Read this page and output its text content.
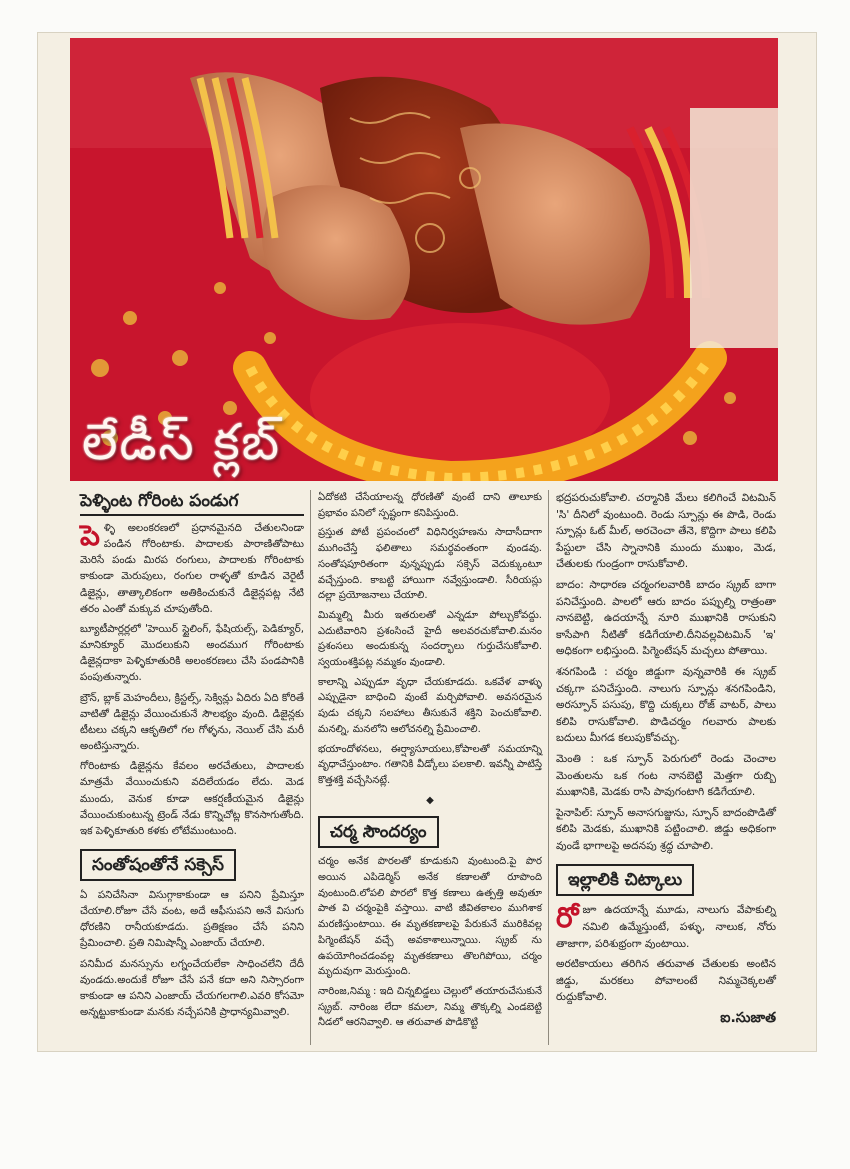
లేడీస్ క్లబ్
పెళ్ళింట గోరింట పండుగ

పెళ్ళి అలంకరణలో ప్రధానమైనది చేతులనిండా పండిన గోరింటాకు. పాదాలకు పారాణితోపాటు మెరిసే పండు మిరప రంగులు, పాదాలకు గోరింటాకు కాకుండా మెరుపులు, రంగుల రాళ్ళతో కూడిన వెరైటీ డిజైన్లు, తాత్కాలికంగా అతికించుకునే డిజైన్లపట్ల నేటి తరం ఎంతో మక్కువ చూపుతోంది.

బ్యూటీపార్లర్లలో 'హెయిర్ స్టైలింగ్, ఫేషియల్స్, పెడిక్యూర్, మానిక్యూర్ మొదలుకుని అందముగ గోరింటాకు డిజైన్లదాకా పెళ్ళికూతురికి అలంకరణలు చేసి పండపానికి పంపుతున్నారు.

బ్రౌన్, బ్లాక్ మెహందీలు, క్రిస్టల్స్, సెక్విన్లు ఏదిరు ఏది కోరితే వాటితో డిజైన్లు వేయించుకునే సౌలభ్యం వుంది. డిజైన్లకు టీటలు చక్కని ఆకృతిలో గల గోళ్ళను, నెయిల్ చేసి మరీ అంటిస్తున్నారు.

గోరింటాకు డిజైన్లను కేవలం అరచేతులు, పాదాలకు మాత్రమే వేయించుకుని వదిలేయడం లేదు. మెడ ముందు, వెనుక కూడా ఆకర్షణీయమైన డిజైన్లు వేయించుకుంటున్న ట్రెండ్ నేడు కొన్నిచోట్ల కొనసాగుతోంది. ఇక పెళ్ళికూతురి కళకు లోటేముంటుంది.

సంతోషంతోనే సక్సెస్

ఏ పనిచేసినా విసుగ్గాకాకుండా ఆ పనిని ప్రేమిస్తూ చేయాలి.రోజూ చేసే వంట, అదే ఆఫీసుపని అనే విసుగు ధోరణిని రానీయకూడదు. ప్రతిక్షణం చేసే పనిని ప్రేమించాలి. ప్రతి నిమిషాన్నీ ఎంజాయ్ చేయాలి.

పనిమీద మనస్సును లగ్నంచేయలేకా సాధించలేని దేదీ వుండదు.అందుకే రోజూ చేసే పనే కదా అని నిస్సారంగా కాకుండా ఆ పనిని ఎంజాయ్ చేయగలగాలి.ఎవరి కోసమో అన్నట్టుకాకుండా మనకు నచ్చేపనికి ప్రాధాన్యమివ్వాలి.

ఏదోకటి చేసేయాలన్న ధోరణితో వుంటే దాని తాలూకు ప్రభావం పనిలో స్పష్టంగా కనిపిస్తుంది.

ప్రస్తుత పోటీ ప్రపంచంలో విధినిర్వహణను సాదాసీదాగా ముగించేస్తే ఫలితాలు సమర్థవంతంగా వుండవు. సంతోషపూరితంగా వున్నప్పుడు సక్సెస్ వెదుక్కుంటూ వచ్చేస్తుంది. కాబట్టి హాయిగా నవ్వేస్తుండాలి. సీరియస్లు దల్లా ప్రయోజనాలు చేయాలి.

మిమ్మల్ని మీరు ఇతరులతో ఎన్నడూ పోల్చుకోవద్దు. ఎదుటివారిని ప్రశంసించే హైదీ అలవరచుకోవాలి.మనం ప్రశంసలు అందుకున్న సందర్భాలు గుర్తుచేసుకోవాలి. స్వయంశక్తిపట్ల నమ్మకం వుండాలి.

కాలాన్ని ఎప్పుడూ వృధా చేయకూడదు. ఒకవేళ వాళ్ళు ఎప్పుడైనా బాధించి వుంటే మర్చిపోవాలి. అవసరమైన పుడు చక్కని సలహాలు తీసుకునే శక్తిని పెంచుకోవాలి. మనల్ని, మనలోని ఆలోచనల్ని ప్రేమించాలి.

భయాందోళనలు, ఈర్ష్యాసూయలు,కోపాలతో సమయాన్ని వృధాచేస్తుంటాం. గతానికి వీడ్కోలు పలకాలి. ఇవన్నీ పాటిస్తే కొత్తశక్తి వచ్చేసినట్లే.

◆
చర్మ సౌందర్యం

చర్మం అనేక పొరలతో కూడుకుని వుంటుంది.పై పొర అయిన ఎపిడెర్మిస్ అనేక కణాలతో రూపొంది వుంటుంది.లోపలి పొరలో కొత్త కణాలు ఉత్పత్తి అవుతూ పాత వి చర్మంపైకి వస్తాయి. వాటి జీవితకాలం ముగిశాక మరణిస్తుంటాయి. ఈ మృతకణాలపై పేరుకునే మురికివల్ల పిగ్మెంటేషన్ వచ్చే అవకాశాలున్నాయి. స్క్రబ్ ను ఉపయోగించడంవల్ల మృతకణాలు తొలగిపోయి, చర్మం మృదువుగా మెరుస్తుంది.

నారింజ,నిమ్మ : ఇది చిన్నబిడ్డలు చెల్లులో తయారుచేసుకునే స్క్రబ్. నారింజ లేదా కమలా, నిమ్మ తొక్కల్ని ఎండబెట్టి నీడలో ఆరనివ్వాలి. ఆ తరువాత పొడికొట్టి

భద్రపరుచుకోవాలి. చర్మానికి మేలు కలిగించే విటమిన్ 'సి' దీనిలో వుంటుంది. రెండు స్పూన్లు ఈ పొడి, రెండు స్పూన్లు ఓట్ మీల్, అరచెంచా తేనె, కొద్దిగా పాలు కలిపి పేస్టులా చేసి స్నానానికి ముందు ముఖం, మెడ, చేతులకు గుండ్రంగా రాసుకోవాలి.

బాదం: సాధారణ చర్మంగలవారికి బాదం స్క్రబ్ బాగా పనిచేస్తుంది. పాలలో ఆరు బాదం పప్పుల్ని రాత్రంతా నానబెట్టి, ఉదయాన్నే నూరి ముఖానికి రాసుకుని కాసేపాగి నీటితో కడిగేయాలి.దీనివల్లవిటమిన్ 'ఇ' అధికంగా లభిస్తుంది. పిగ్మెంటేషన్ మచ్చలు పోతాయి.

శనగపిండి : చర్మం జిడ్డుగా వున్నవారికి ఈ స్క్రబ్ చక్కగా పనిచేస్తుంది. నాలుగు స్పూన్లు శనగపిండిని, అరస్పూన్ పసుపు, కొద్ది చుక్కలు రోజ్ వాటర్, పాలు కలిపి రాసుకోవాలి. పొడిచర్మం గలవారు పాలకు బదులు మీగడ కలుపుకోవచ్చు.

మెంతి : ఒక స్పూన్ పెరుగులో రెండు చెంచాల మెంతులను ఒక గంట నానబెట్టి మెత్తగా రుబ్బి ముఖానికి, మెడకు రాసి పావుగంటాగి కడిగేయాలి.

పైనాపిల్: స్పూన్ అనాసగుజ్జును, స్పూన్ బాదంపొడితో కలిపి మెడకు, ముఖానికి పట్టించాలి. జిడ్డు అధికంగా వుండే భాగాలపై అదనపు శ్రద్ధ చూపాలి.

ఇల్లాలికి చిట్కాలు

రోజూ ఉదయాన్నే మూడు, నాలుగు వేపాకుల్ని నమిలి ఉమ్మేస్తుంటే, పళ్ళు, నాలుక, నోరు తాజాగా, పరిశుభ్రంగా వుంటాయి.

అరటికాయలు తరిగిన తరువాత చేతులకు అంటిన జిడ్డు, మరకలు పోవాలంటే నిమ్మచెక్కలతో రుద్దుకోవాలి.

ఐ.సుజాత
